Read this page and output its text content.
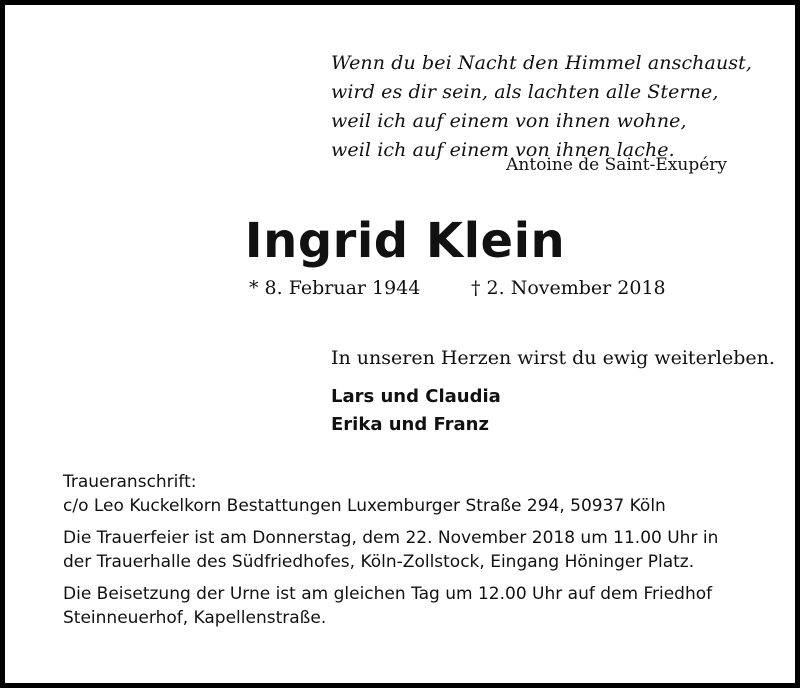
Wenn du bei Nacht den Himmel anschaust,
wird es dir sein, als lachten alle Sterne,
weil ich auf einem von ihnen wohne,
weil ich auf einem von ihnen lache.
Antoine de Saint-Exupéry
Ingrid Klein
* 8. Februar 1944	† 2. November 2018
In unseren Herzen wirst du ewig weiterleben.
Lars und Claudia
Erika und Franz

Traueranschrift:
c/o Leo Kuckelkorn Bestattungen Luxemburger Straße 294, 50937 Köln

Die Trauerfeier ist am Donnerstag, dem 22. November 2018 um 11.00 Uhr in
der Trauerhalle des Südfriedhofes, Köln-Zollstock, Eingang Höninger Platz.

Die Beisetzung der Urne ist am gleichen Tag um 12.00 Uhr auf dem Friedhof
Steinneuerhof, Kapellenstraße.
